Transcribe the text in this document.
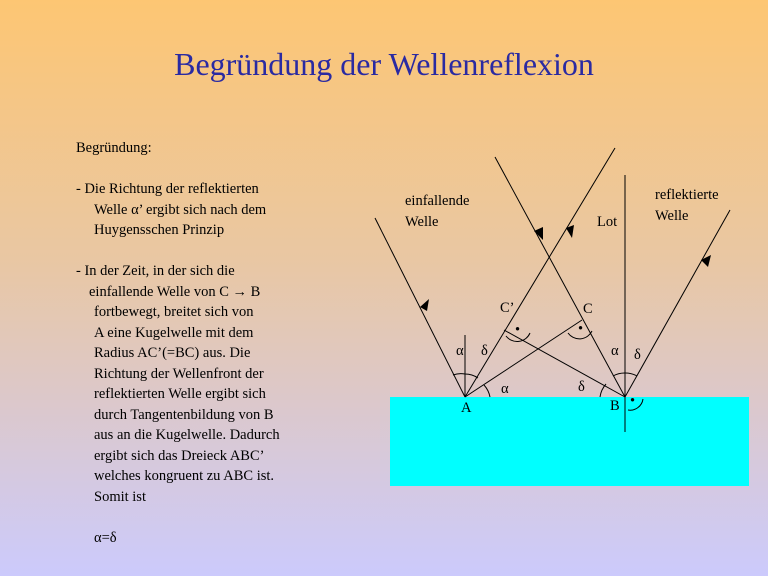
Begründung der Wellenreflexion
Begründung:
- Die Richtung der reflektierten
Welle α’ ergibt sich nach dem
Huygensschen Prinzip
- In der Zeit, in der sich die
einfallende Welle von C → B
fortbewegt, breitet sich von
A eine Kugelwelle mit dem
Radius AC’(=BC) aus. Die
Richtung der Wellenfront der
reflektierten Welle ergibt sich
durch Tangentenbildung von B
aus an die Kugelwelle. Dadurch
ergibt sich das Dreieck ABC’
welches kongruent zu ABC ist.
Somit ist
α=δ
einfallende
Welle
reflektierte
Welle
Lot
C’	C
A	B
α δ
α	δ
α δ
•	•
•
